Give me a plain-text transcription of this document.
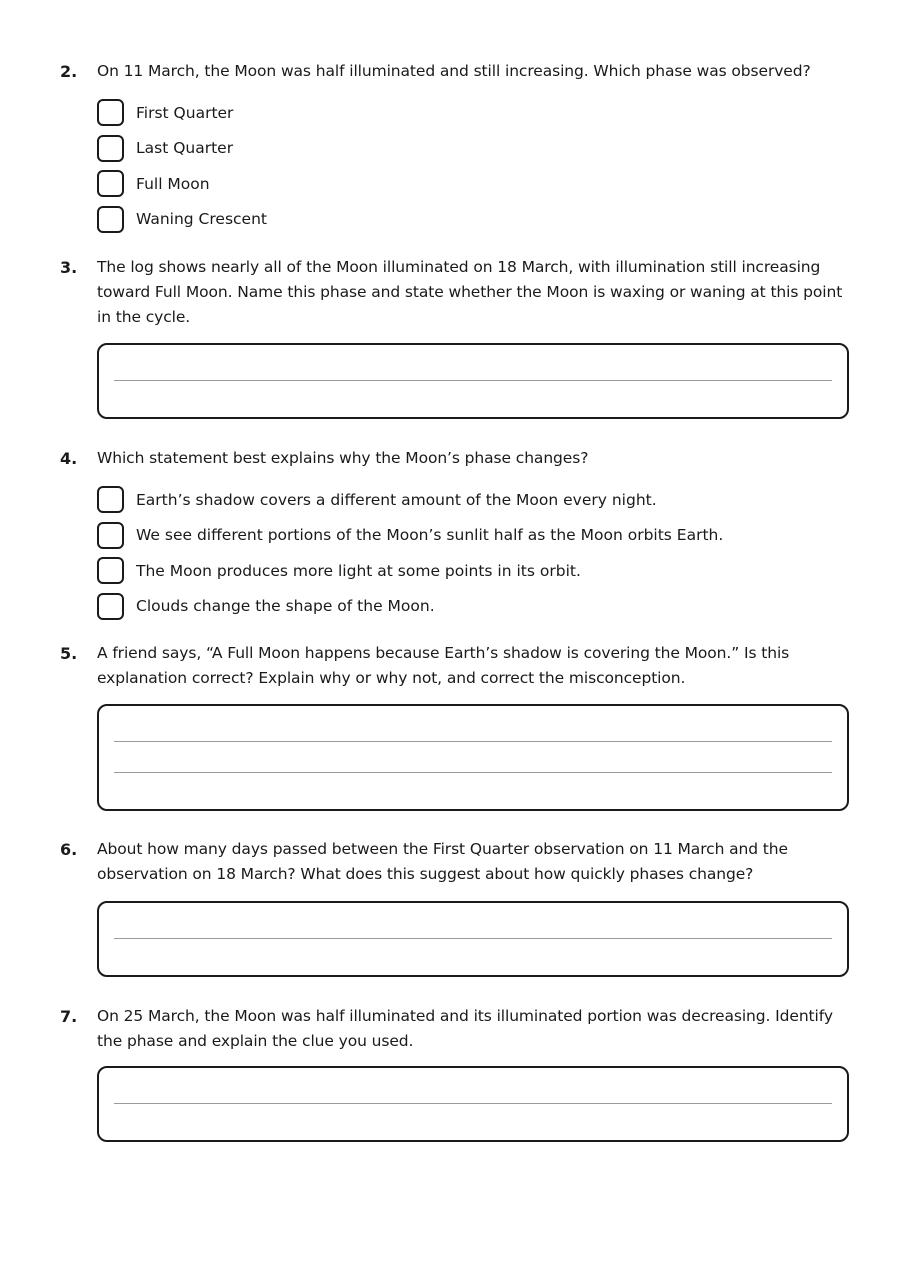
2. On 11 March, the Moon was half illuminated and still increasing. Which phase was observed?
First Quarter
Last Quarter
Full Moon
Waning Crescent
3. The log shows nearly all of the Moon illuminated on 18 March, with illumination still increasing toward Full Moon. Name this phase and state whether the Moon is waxing or waning at this point in the cycle.
4. Which statement best explains why the Moon’s phase changes?
Earth’s shadow covers a different amount of the Moon every night.
We see different portions of the Moon’s sunlit half as the Moon orbits Earth.
The Moon produces more light at some points in its orbit.
Clouds change the shape of the Moon.
5. A friend says, “A Full Moon happens because Earth’s shadow is covering the Moon.” Is this explanation correct? Explain why or why not, and correct the misconception.
6. About how many days passed between the First Quarter observation on 11 March and the observation on 18 March? What does this suggest about how quickly phases change?
7. On 25 March, the Moon was half illuminated and its illuminated portion was decreasing. Identify the phase and explain the clue you used.
